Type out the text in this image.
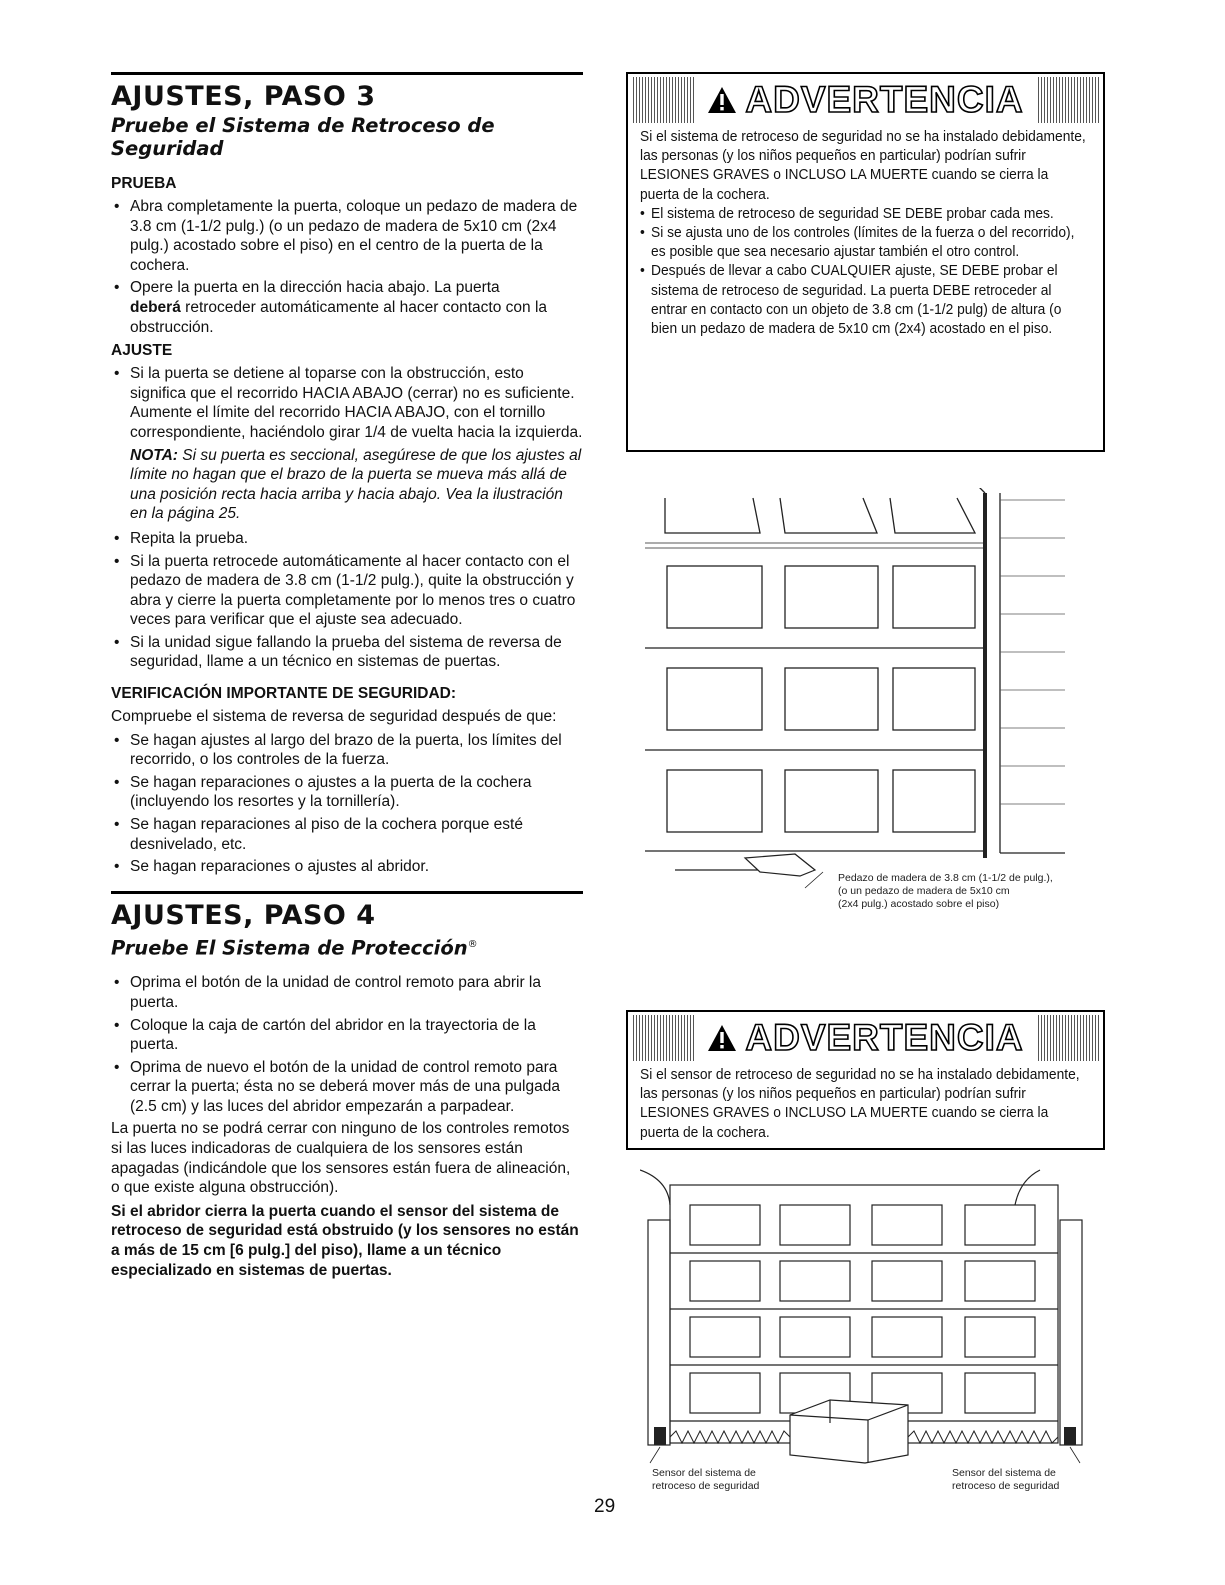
AJUSTES, PASO 3
Pruebe el Sistema de Retroceso de Seguridad
PRUEBA
• Abra completamente la puerta, coloque un pedazo de madera de 3.8 cm (1-1/2 pulg.) (o un pedazo de madera de 5x10 cm (2x4 pulg.) acostado sobre el piso) en el centro de la puerta de la cochera.
• Opere la puerta en la dirección hacia abajo. La puerta
deberá retroceder automáticamente al hacer contacto con la obstrucción.
AJUSTE
• Si la puerta se detiene al toparse con la obstrucción, esto significa que el recorrido HACIA ABAJO (cerrar) no es suficiente. Aumente el límite del recorrido HACIA ABAJO, con el tornillo correspondiente, haciéndolo girar 1/4 de vuelta hacia la izquierda.
NOTA: Si su puerta es seccional, asegúrese de que los ajustes al límite no hagan que el brazo de la puerta se mueva más allá de una posición recta hacia arriba y hacia abajo. Vea la ilustración en la página 25.
• Repita la prueba.
• Si la puerta retrocede automáticamente al hacer contacto con el pedazo de madera de 3.8 cm (1-1/2 pulg.), quite la obstrucción y abra y cierre la puerta completamente por lo menos tres o cuatro veces para verificar que el ajuste sea adecuado.
• Si la unidad sigue fallando la prueba del sistema de reversa de seguridad, llame a un técnico en sistemas de puertas.
VERIFICACIÓN IMPORTANTE DE SEGURIDAD:

Compruebe el sistema de reversa de seguridad después de que:

• Se hagan ajustes al largo del brazo de la puerta, los límites del recorrido, o los controles de la fuerza.
• Se hagan reparaciones o ajustes a la puerta de la cochera (incluyendo los resortes y la tornillería).
• Se hagan reparaciones al piso de la cochera porque esté desnivelado, etc.
• Se hagan reparaciones o ajustes al abridor.
AJUSTES, PASO 4
Pruebe El Sistema de Protección®
• Oprima el botón de la unidad de control remoto para abrir la puerta.
• Coloque la caja de cartón del abridor en la trayectoria de la puerta.
• Oprima de nuevo el botón de la unidad de control remoto para cerrar la puerta; ésta no se deberá mover más de una pulgada (2.5 cm) y las luces del abridor empezarán a parpadear.

La puerta no se podrá cerrar con ninguno de los controles remotos si las luces indicadoras de cualquiera de los sensores están apagadas (indicándole que los sensores están fuera de alineación, o que existe alguna obstrucción).

Si el abridor cierra la puerta cuando el sensor del sistema de retroceso de seguridad está obstruido (y los sensores no están a más de 15 cm [6 pulg.] del piso), llame a un técnico especializado en sistemas de puertas.

ADVERTENCIA

Si el sistema de retroceso de seguridad no se ha instalado debidamente, las personas (y los niños pequeños en particular) podrían sufrir LESIONES GRAVES o INCLUSO LA MUERTE cuando se cierra la puerta de la cochera.

• El sistema de retroceso de seguridad SE DEBE probar cada mes.

• Si se ajusta uno de los controles (límites de la fuerza o del recorrido), es posible que sea necesario ajustar también el otro control.

• Después de llevar a cabo CUALQUIER ajuste, SE DEBE probar el sistema de retroceso de seguridad. La puerta DEBE retroceder al entrar en contacto con un objeto de 3.8 cm (1-1/2 pulg) de altura (o bien un pedazo de madera de 5x10 cm (2x4) acostado en el piso.

Pedazo de madera de 3.8 cm (1-1/2 de pulg.),
(o un pedazo de madera de 5x10 cm
(2x4 pulg.) acostado sobre el piso)
ADVERTENCIA

Si el sensor de retroceso de seguridad no se ha instalado debidamente, las personas (y los niños pequeños en particular) podrían sufrir LESIONES GRAVES o INCLUSO LA MUERTE cuando se cierra la puerta de la cochera.

Sensor del sistema de
retroceso de seguridad
Sensor del sistema de
retroceso de seguridad
29
